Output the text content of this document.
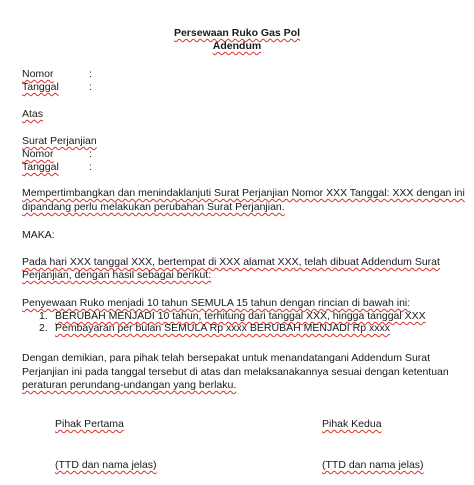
Persewaan Ruko Gas Pol
Adendum
Nomor	:
Tanggal	:
Atas
Surat Perjanjian
Nomor	:
Tanggal	:
Mempertimbangkan dan menindaklanjuti Surat Perjanjian Nomor XXX Tanggal: XXX dengan ini
dipandang perlu melakukan perubahan Surat Perjanjian.
MAKA:
Pada hari XXX tanggal XXX, bertempat di XXX alamat XXX, telah dibuat Addendum Surat
Perjanjian, dengan hasil sebagai berikut:
Penyewaan Ruko menjadi 10 tahun SEMULA 15 tahun dengan rincian di bawah ini:
1. BERUBAH MENJADI 10 tahun, terhitung dari tanggal XXX, hingga tanggal XXX
2. Pembayaran per bulan SEMULA Rp xxxx BERUBAH MENJADI Rp xxxx
Dengan demikian, para pihak telah bersepakat untuk menandatangani Addendum Surat
Perjanjian ini pada tanggal tersebut di atas dan melaksanakannya sesuai dengan ketentuan
peraturan perundang-undangan yang berlaku.
Pihak Pertama	Pihak Kedua
(TTD dan nama jelas)	(TTD dan nama jelas)
